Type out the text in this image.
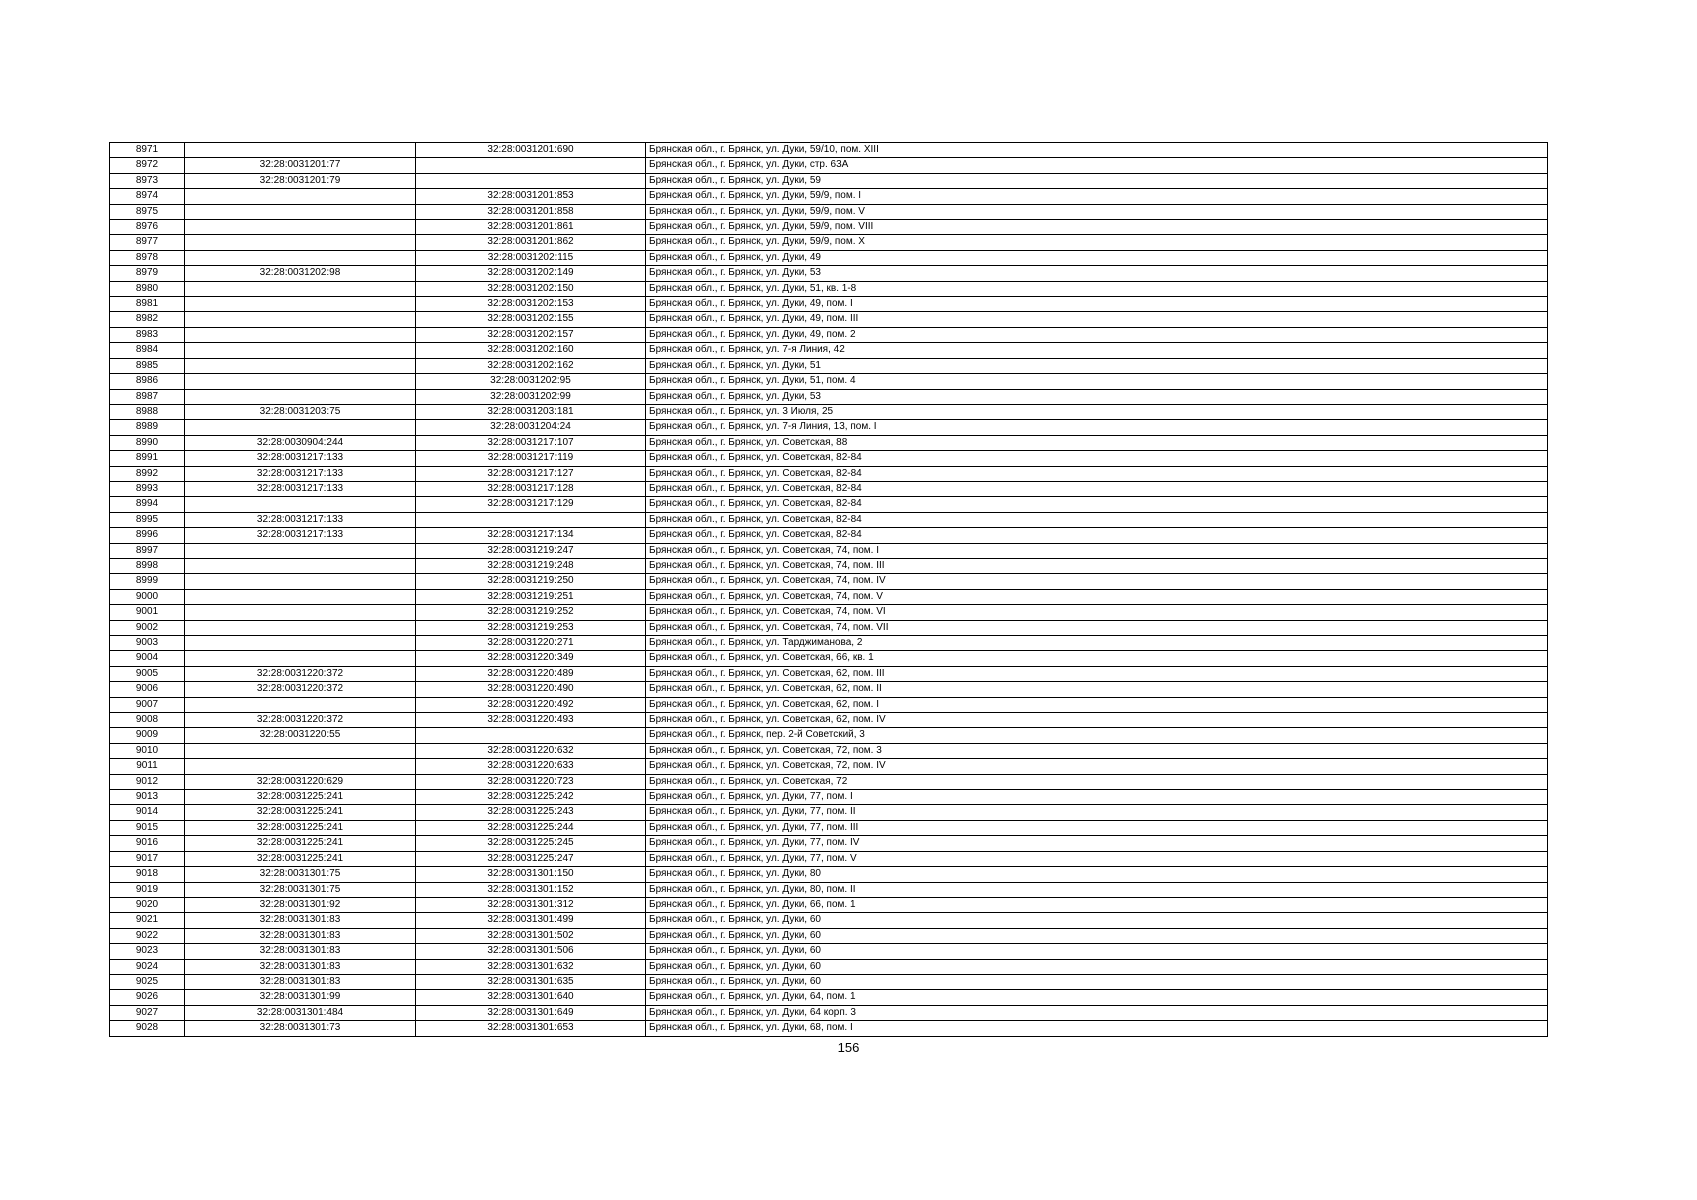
8971		32:28:0031201:690	Брянская обл., г. Брянск, ул. Дуки, 59/10, пом. XIII
8972	32:28:0031201:77		Брянская обл., г. Брянск, ул. Дуки, стр. 63А
8973	32:28:0031201:79		Брянская обл., г. Брянск, ул. Дуки, 59
8974		32:28:0031201:853	Брянская обл., г. Брянск, ул. Дуки, 59/9, пом. I
8975		32:28:0031201:858	Брянская обл., г. Брянск, ул. Дуки, 59/9, пом. V
8976		32:28:0031201:861	Брянская обл., г. Брянск, ул. Дуки, 59/9, пом. VIII
8977		32:28:0031201:862	Брянская обл., г. Брянск, ул. Дуки, 59/9, пом. X
8978		32:28:0031202:115	Брянская обл., г. Брянск, ул. Дуки, 49
8979	32:28:0031202:98	32:28:0031202:149	Брянская обл., г. Брянск, ул. Дуки, 53
8980		32:28:0031202:150	Брянская обл., г. Брянск, ул. Дуки, 51, кв. 1-8
8981		32:28:0031202:153	Брянская обл., г. Брянск, ул. Дуки, 49, пом. I
8982		32:28:0031202:155	Брянская обл., г. Брянск, ул. Дуки, 49, пом. III
8983		32:28:0031202:157	Брянская обл., г. Брянск, ул. Дуки, 49, пом. 2
8984		32:28:0031202:160	Брянская обл., г. Брянск, ул. 7-я Линия, 42
8985		32:28:0031202:162	Брянская обл., г. Брянск, ул. Дуки, 51
8986		32:28:0031202:95	Брянская обл., г. Брянск, ул. Дуки, 51, пом. 4
8987		32:28:0031202:99	Брянская обл., г. Брянск, ул. Дуки, 53
8988	32:28:0031203:75	32:28:0031203:181	Брянская обл., г. Брянск, ул. 3 Июля, 25
8989		32:28:0031204:24	Брянская обл., г. Брянск, ул. 7-я Линия, 13, пом. I
8990	32:28:0030904:244	32:28:0031217:107	Брянская обл., г. Брянск, ул. Советская, 88
8991	32:28:0031217:133	32:28:0031217:119	Брянская обл., г. Брянск, ул. Советская, 82-84
8992	32:28:0031217:133	32:28:0031217:127	Брянская обл., г. Брянск, ул. Советская, 82-84
8993	32:28:0031217:133	32:28:0031217:128	Брянская обл., г. Брянск, ул. Советская, 82-84
8994		32:28:0031217:129	Брянская обл., г. Брянск, ул. Советская, 82-84
8995	32:28:0031217:133		Брянская обл., г. Брянск, ул. Советская, 82-84
8996	32:28:0031217:133	32:28:0031217:134	Брянская обл., г. Брянск, ул. Советская, 82-84
8997		32:28:0031219:247	Брянская обл., г. Брянск, ул. Советская, 74, пом. I
8998		32:28:0031219:248	Брянская обл., г. Брянск, ул. Советская, 74, пом. III
8999		32:28:0031219:250	Брянская обл., г. Брянск, ул. Советская, 74, пом. IV
9000		32:28:0031219:251	Брянская обл., г. Брянск, ул. Советская, 74, пом. V
9001		32:28:0031219:252	Брянская обл., г. Брянск, ул. Советская, 74, пом. VI
9002		32:28:0031219:253	Брянская обл., г. Брянск, ул. Советская, 74, пом. VII
9003		32:28:0031220:271	Брянская обл., г. Брянск, ул. Тарджиманова, 2
9004		32:28:0031220:349	Брянская обл., г. Брянск, ул. Советская, 66, кв. 1
9005	32:28:0031220:372	32:28:0031220:489	Брянская обл., г. Брянск, ул. Советская, 62, пом. III
9006	32:28:0031220:372	32:28:0031220:490	Брянская обл., г. Брянск, ул. Советская, 62, пом. II
9007		32:28:0031220:492	Брянская обл., г. Брянск, ул. Советская, 62, пом. I
9008	32:28:0031220:372	32:28:0031220:493	Брянская обл., г. Брянск, ул. Советская, 62, пом. IV
9009	32:28:0031220:55		Брянская обл., г. Брянск, пер. 2-й Советский, 3
9010		32:28:0031220:632	Брянская обл., г. Брянск, ул. Советская, 72, пом. 3
9011		32:28:0031220:633	Брянская обл., г. Брянск, ул. Советская, 72, пом. IV
9012	32:28:0031220:629	32:28:0031220:723	Брянская обл., г. Брянск, ул. Советская, 72
9013	32:28:0031225:241	32:28:0031225:242	Брянская обл., г. Брянск, ул. Дуки, 77, пом. I
9014	32:28:0031225:241	32:28:0031225:243	Брянская обл., г. Брянск, ул. Дуки, 77, пом. II
9015	32:28:0031225:241	32:28:0031225:244	Брянская обл., г. Брянск, ул. Дуки, 77, пом. III
9016	32:28:0031225:241	32:28:0031225:245	Брянская обл., г. Брянск, ул. Дуки, 77, пом. IV
9017	32:28:0031225:241	32:28:0031225:247	Брянская обл., г. Брянск, ул. Дуки, 77, пом. V
9018	32:28:0031301:75	32:28:0031301:150	Брянская обл., г. Брянск, ул. Дуки, 80
9019	32:28:0031301:75	32:28:0031301:152	Брянская обл., г. Брянск, ул. Дуки, 80, пом. II
9020	32:28:0031301:92	32:28:0031301:312	Брянская обл., г. Брянск, ул. Дуки, 66, пом. 1
9021	32:28:0031301:83	32:28:0031301:499	Брянская обл., г. Брянск, ул. Дуки, 60
9022	32:28:0031301:83	32:28:0031301:502	Брянская обл., г. Брянск, ул. Дуки, 60
9023	32:28:0031301:83	32:28:0031301:506	Брянская обл., г. Брянск, ул. Дуки, 60
9024	32:28:0031301:83	32:28:0031301:632	Брянская обл., г. Брянск, ул. Дуки, 60
9025	32:28:0031301:83	32:28:0031301:635	Брянская обл., г. Брянск, ул. Дуки, 60
9026	32:28:0031301:99	32:28:0031301:640	Брянская обл., г. Брянск, ул. Дуки, 64, пом. 1
9027	32:28:0031301:484	32:28:0031301:649	Брянская обл., г. Брянск, ул. Дуки, 64 корп. 3
9028	32:28:0031301:73	32:28:0031301:653	Брянская обл., г. Брянск, ул. Дуки, 68, пом. I
156
